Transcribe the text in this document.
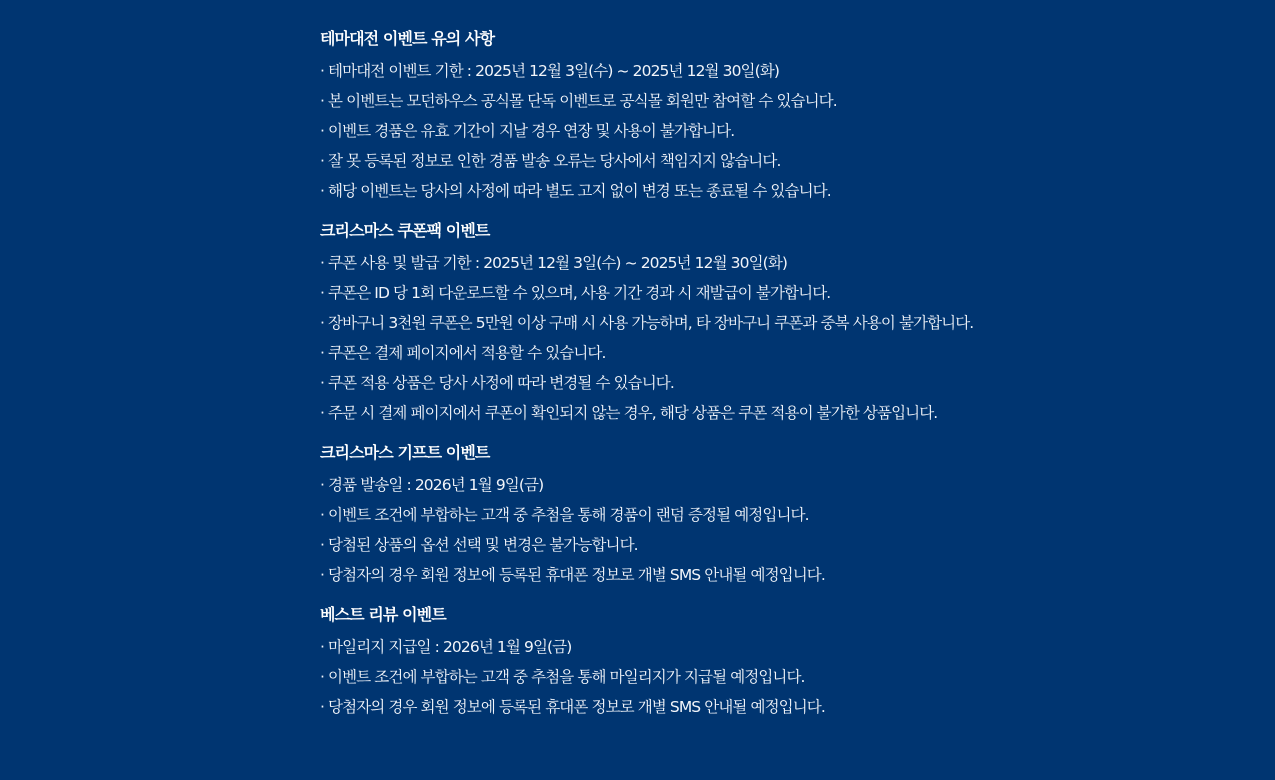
테마대전 이벤트 유의 사항
· 테마대전 이벤트 기한 : 2025년 12월 3일(수) ~ 2025년 12월 30일(화)
· 본 이벤트는 모던하우스 공식몰 단독 이벤트로 공식몰 회원만 참여할 수 있습니다.
· 이벤트 경품은 유효 기간이 지날 경우 연장 및 사용이 불가합니다.
· 잘 못 등록된 정보로 인한 경품 발송 오류는 당사에서 책임지지 않습니다.
· 해당 이벤트는 당사의 사정에 따라 별도 고지 없이 변경 또는 종료될 수 있습니다.
크리스마스 쿠폰팩 이벤트
· 쿠폰 사용 및 발급 기한 : 2025년 12월 3일(수) ~ 2025년 12월 30일(화)
· 쿠폰은 ID 당 1회 다운로드할 수 있으며, 사용 기간 경과 시 재발급이 불가합니다.
· 장바구니 3천원 쿠폰은 5만원 이상 구매 시 사용 가능하며, 타 장바구니 쿠폰과 중복 사용이 불가합니다.
· 쿠폰은 결제 페이지에서 적용할 수 있습니다.
· 쿠폰 적용 상품은 당사 사정에 따라 변경될 수 있습니다.
· 주문 시 결제 페이지에서 쿠폰이 확인되지 않는 경우, 해당 상품은 쿠폰 적용이 불가한 상품입니다.
크리스마스 기프트 이벤트
· 경품 발송일 : 2026년 1월 9일(금)
· 이벤트 조건에 부합하는 고객 중 추첨을 통해 경품이 랜덤 증정될 예정입니다.
· 당첨된 상품의 옵션 선택 및 변경은 불가능합니다.
· 당첨자의 경우 회원 정보에 등록된 휴대폰 정보로 개별 SMS 안내될 예정입니다.
베스트 리뷰 이벤트
· 마일리지 지급일 : 2026년 1월 9일(금)
· 이벤트 조건에 부합하는 고객 중 추첨을 통해 마일리지가 지급될 예정입니다.
· 당첨자의 경우 회원 정보에 등록된 휴대폰 정보로 개별 SMS 안내될 예정입니다.
